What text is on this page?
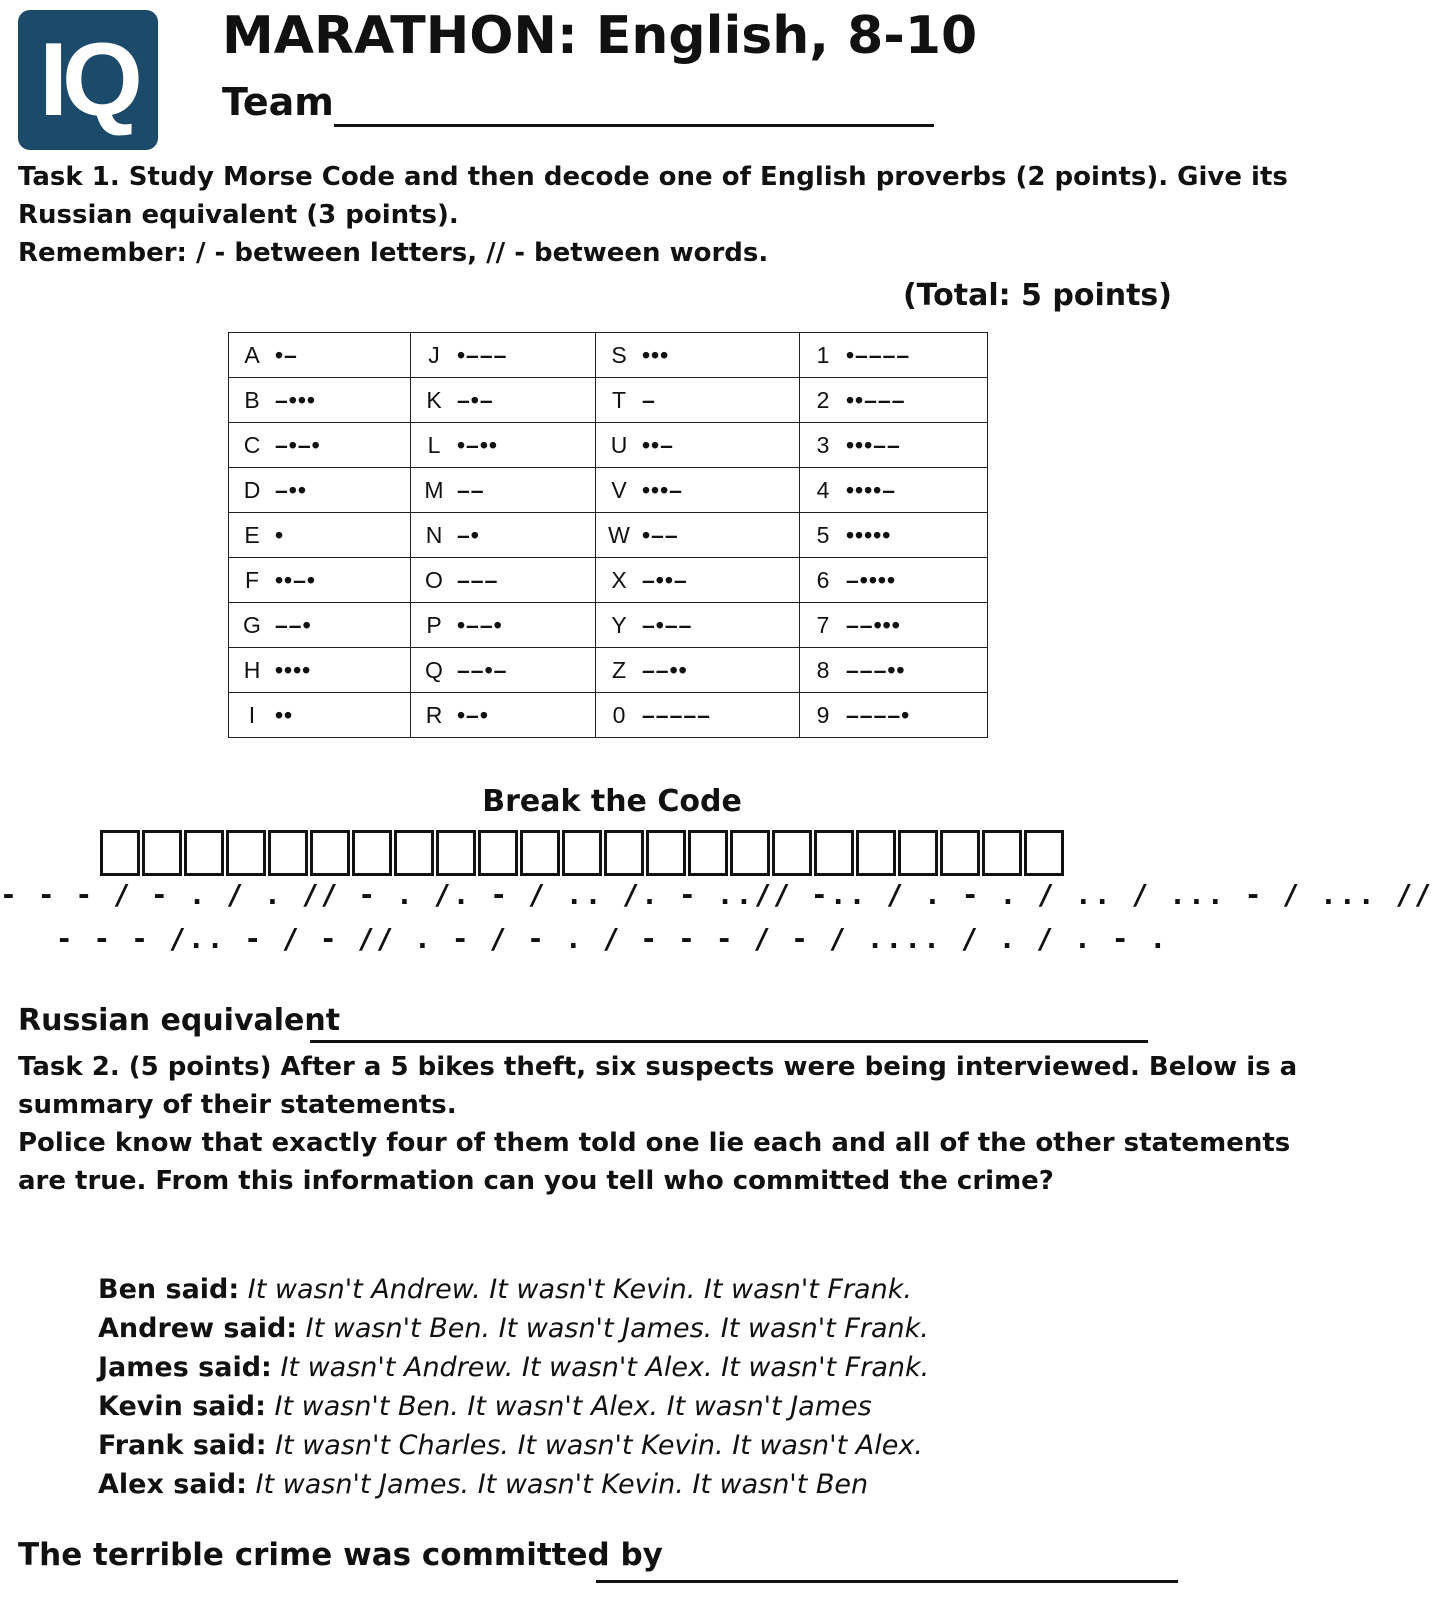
IQ	MARATHON: English, 8-10
Team
Task 1. Study Morse Code and then decode one of English proverbs (2 points). Give its
Russian equivalent (3 points).
Remember: / - between letters, // - between words.
(Total: 5 points)
A •–	J •–––	S •••	1 •––––

B –•••	K –•–	T –	2 ••–––

C –•–•	L •–••	U ••–	3 •••––

D –••	M ––	V •••–	4 ••••–

E •	N –•	W •––	5 •••••

F ••–•	O –––	X –••–	6 –••••

G ––•	P •––•	Y –•––	7 ––•••

H ••••	Q ––•–	Z ––••	8 –––••

I ••	R •–•	0 –––––	9 ––––•
Break the Code
- - - / - . / . // - . /. - / .. /. - ..// -.. / . - . / .. / ... - / ... //
- - - /.. - / - // . - / - . / - - - / - / .... / . / . - .
Russian equivalent
Task 2. (5 points) After a 5 bikes theft, six suspects were being interviewed. Below is a
summary of their statements.
Police know that exactly four of them told one lie each and all of the other statements
are true. From this information can you tell who committed the crime?
Ben said: It wasn't Andrew. It wasn't Kevin. It wasn't Frank.
Andrew said: It wasn't Ben. It wasn't James. It wasn't Frank.
James said: It wasn't Andrew. It wasn't Alex. It wasn't Frank.
Kevin said: It wasn't Ben. It wasn't Alex. It wasn't James
Frank said: It wasn't Charles. It wasn't Kevin. It wasn't Alex.
Alex said: It wasn't James. It wasn't Kevin. It wasn't Ben
The terrible crime was committed by
